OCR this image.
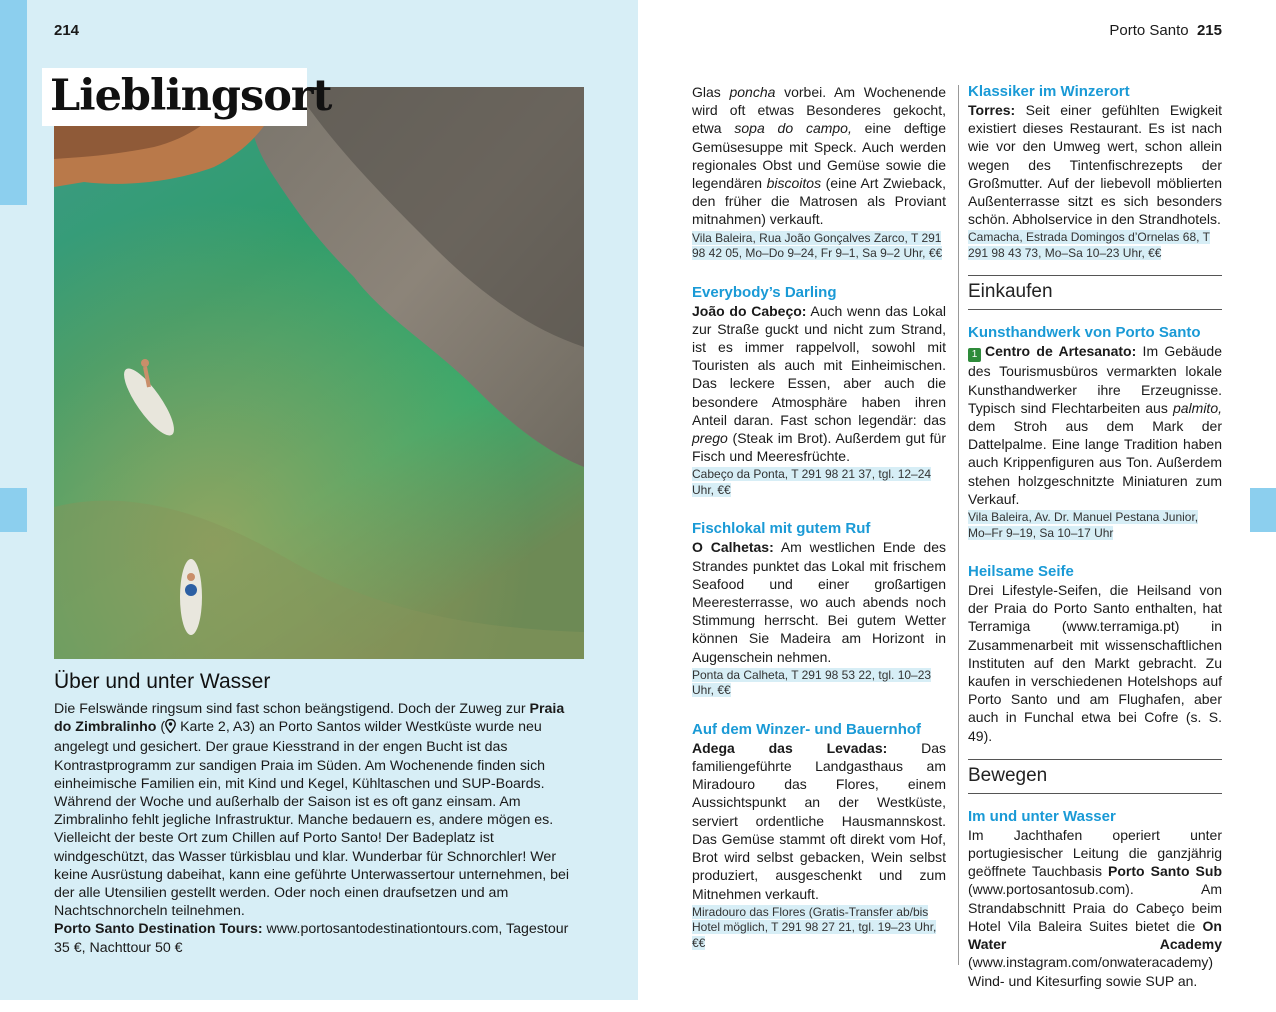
214
Lieblingsort
Über und unter Wasser

Die Felswände ringsum sind fast schon beängstigend. Doch der Zuweg zur Praia do Zimbralinho ( Karte 2, A3) an Porto Santos wilder Westküste wurde neu angelegt und gesichert. Der graue Kiesstrand in der engen Bucht ist das Kontrastprogramm zur sandigen Praia im Süden. Am Wochenende finden sich einheimische Familien ein, mit Kind und Kegel, Kühltaschen und SUP-Boards. Während der Woche und außerhalb der Saison ist es oft ganz einsam. Am Zimbralinho fehlt jegliche Infrastruktur. Manche bedauern es, andere mögen es. Vielleicht der beste Ort zum Chillen auf Porto Santo! Der Badeplatz ist windgeschützt, das Wasser türkisblau und klar. Wunderbar für Schnorchler! Wer keine Ausrüstung dabeihat, kann eine geführte Unterwassertour unternehmen, bei der alle Utensilien gestellt werden. Oder noch einen draufsetzen und am Nachtschnorcheln teilnehmen.
Porto Santo Destination Tours: www.portosantodestinationtours.com, Tagestour 35 €, Nachttour 50 €

Porto Santo 215

Glas poncha vorbei. Am Wochenende wird oft etwas Besonderes gekocht, etwa sopa do campo, eine deftige Gemüsesuppe mit Speck. Auch werden regionales Obst und Gemüse sowie die legendären biscoitos (eine Art Zwieback, den früher die Matrosen als Proviant mitnahmen) verkauft.

Vila Baleira, Rua João Gonçalves Zarco, T 291 98 42 05, Mo–Do 9–24, Fr 9–1, Sa 9–2 Uhr, €€

Everybody’s Darling

João do Cabeço: Auch wenn das Lokal zur Straße guckt und nicht zum Strand, ist es immer rappelvoll, sowohl mit Touristen als auch mit Einheimischen. Das leckere Essen, aber auch die besondere Atmosphäre haben ihren Anteil daran. Fast schon legendär: das prego (Steak im Brot). Außerdem gut für Fisch und Meeresfrüchte.

Cabeço da Ponta, T 291 98 21 37, tgl. 12–24 Uhr, €€

Fischlokal mit gutem Ruf

O Calhetas: Am westlichen Ende des Strandes punktet das Lokal mit frischem Seafood und einer großartigen Meeresterrasse, wo auch abends noch Stimmung herrscht. Bei gutem Wetter können Sie Madeira am Horizont in Augenschein nehmen.

Ponta da Calheta, T 291 98 53 22, tgl. 10–23 Uhr, €€

Auf dem Winzer- und Bauernhof

Adega das Levadas: Das familiengeführte Landgasthaus am Miradouro das Flores, einem Aussichtspunkt an der Westküste, serviert ordentliche Hausmannskost. Das Gemüse stammt oft direkt vom Hof, Brot wird selbst gebacken, Wein selbst produziert, ausgeschenkt und zum Mitnehmen verkauft.

Miradouro das Flores (Gratis-Transfer ab/bis Hotel möglich, T 291 98 27 21, tgl. 19–23 Uhr, €€

Klassiker im Winzerort

Torres: Seit einer gefühlten Ewigkeit existiert dieses Restaurant. Es ist nach wie vor den Umweg wert, schon allein wegen des Tintenfischrezepts der Großmutter. Auf der liebevoll möblierten Außenterrasse sitzt es sich besonders schön. Abholservice in den Strandhotels.

Camacha, Estrada Domingos d’Ornelas 68, T 291 98 43 73, Mo–Sa 10–23 Uhr, €€

Einkaufen

Kunsthandwerk von Porto Santo

1 Centro de Artesanato: Im Gebäude des Tourismusbüros vermarkten lokale Kunsthandwerker ihre Erzeugnisse. Typisch sind Flechtarbeiten aus palmito, dem Stroh aus dem Mark der Dattelpalme. Eine lange Tradition haben auch Krippenfiguren aus Ton. Außerdem stehen holzgeschnitzte Miniaturen zum Verkauf.

Vila Baleira, Av. Dr. Manuel Pestana Junior, Mo–Fr 9–19, Sa 10–17 Uhr

Heilsame Seife

Drei Lifestyle-Seifen, die Heilsand von der Praia do Porto Santo enthalten, hat Terramiga (www.terramiga.pt) in Zusammenarbeit mit wissenschaftlichen Instituten auf den Markt gebracht. Zu kaufen in verschiedenen Hotelshops auf Porto Santo und am Flughafen, aber auch in Funchal etwa bei Cofre (s. S. 49).

Bewegen

Im und unter Wasser

Im Jachthafen operiert unter portugiesischer Leitung die ganzjährig geöffnete Tauchbasis Porto Santo Sub (www.portosantosub.com). Am Strandabschnitt Praia do Cabeço beim Hotel Vila Baleira Suites bietet die On Water Academy (www.instagram.com/onwateracademy) Wind- und Kitesurfing sowie SUP an.
